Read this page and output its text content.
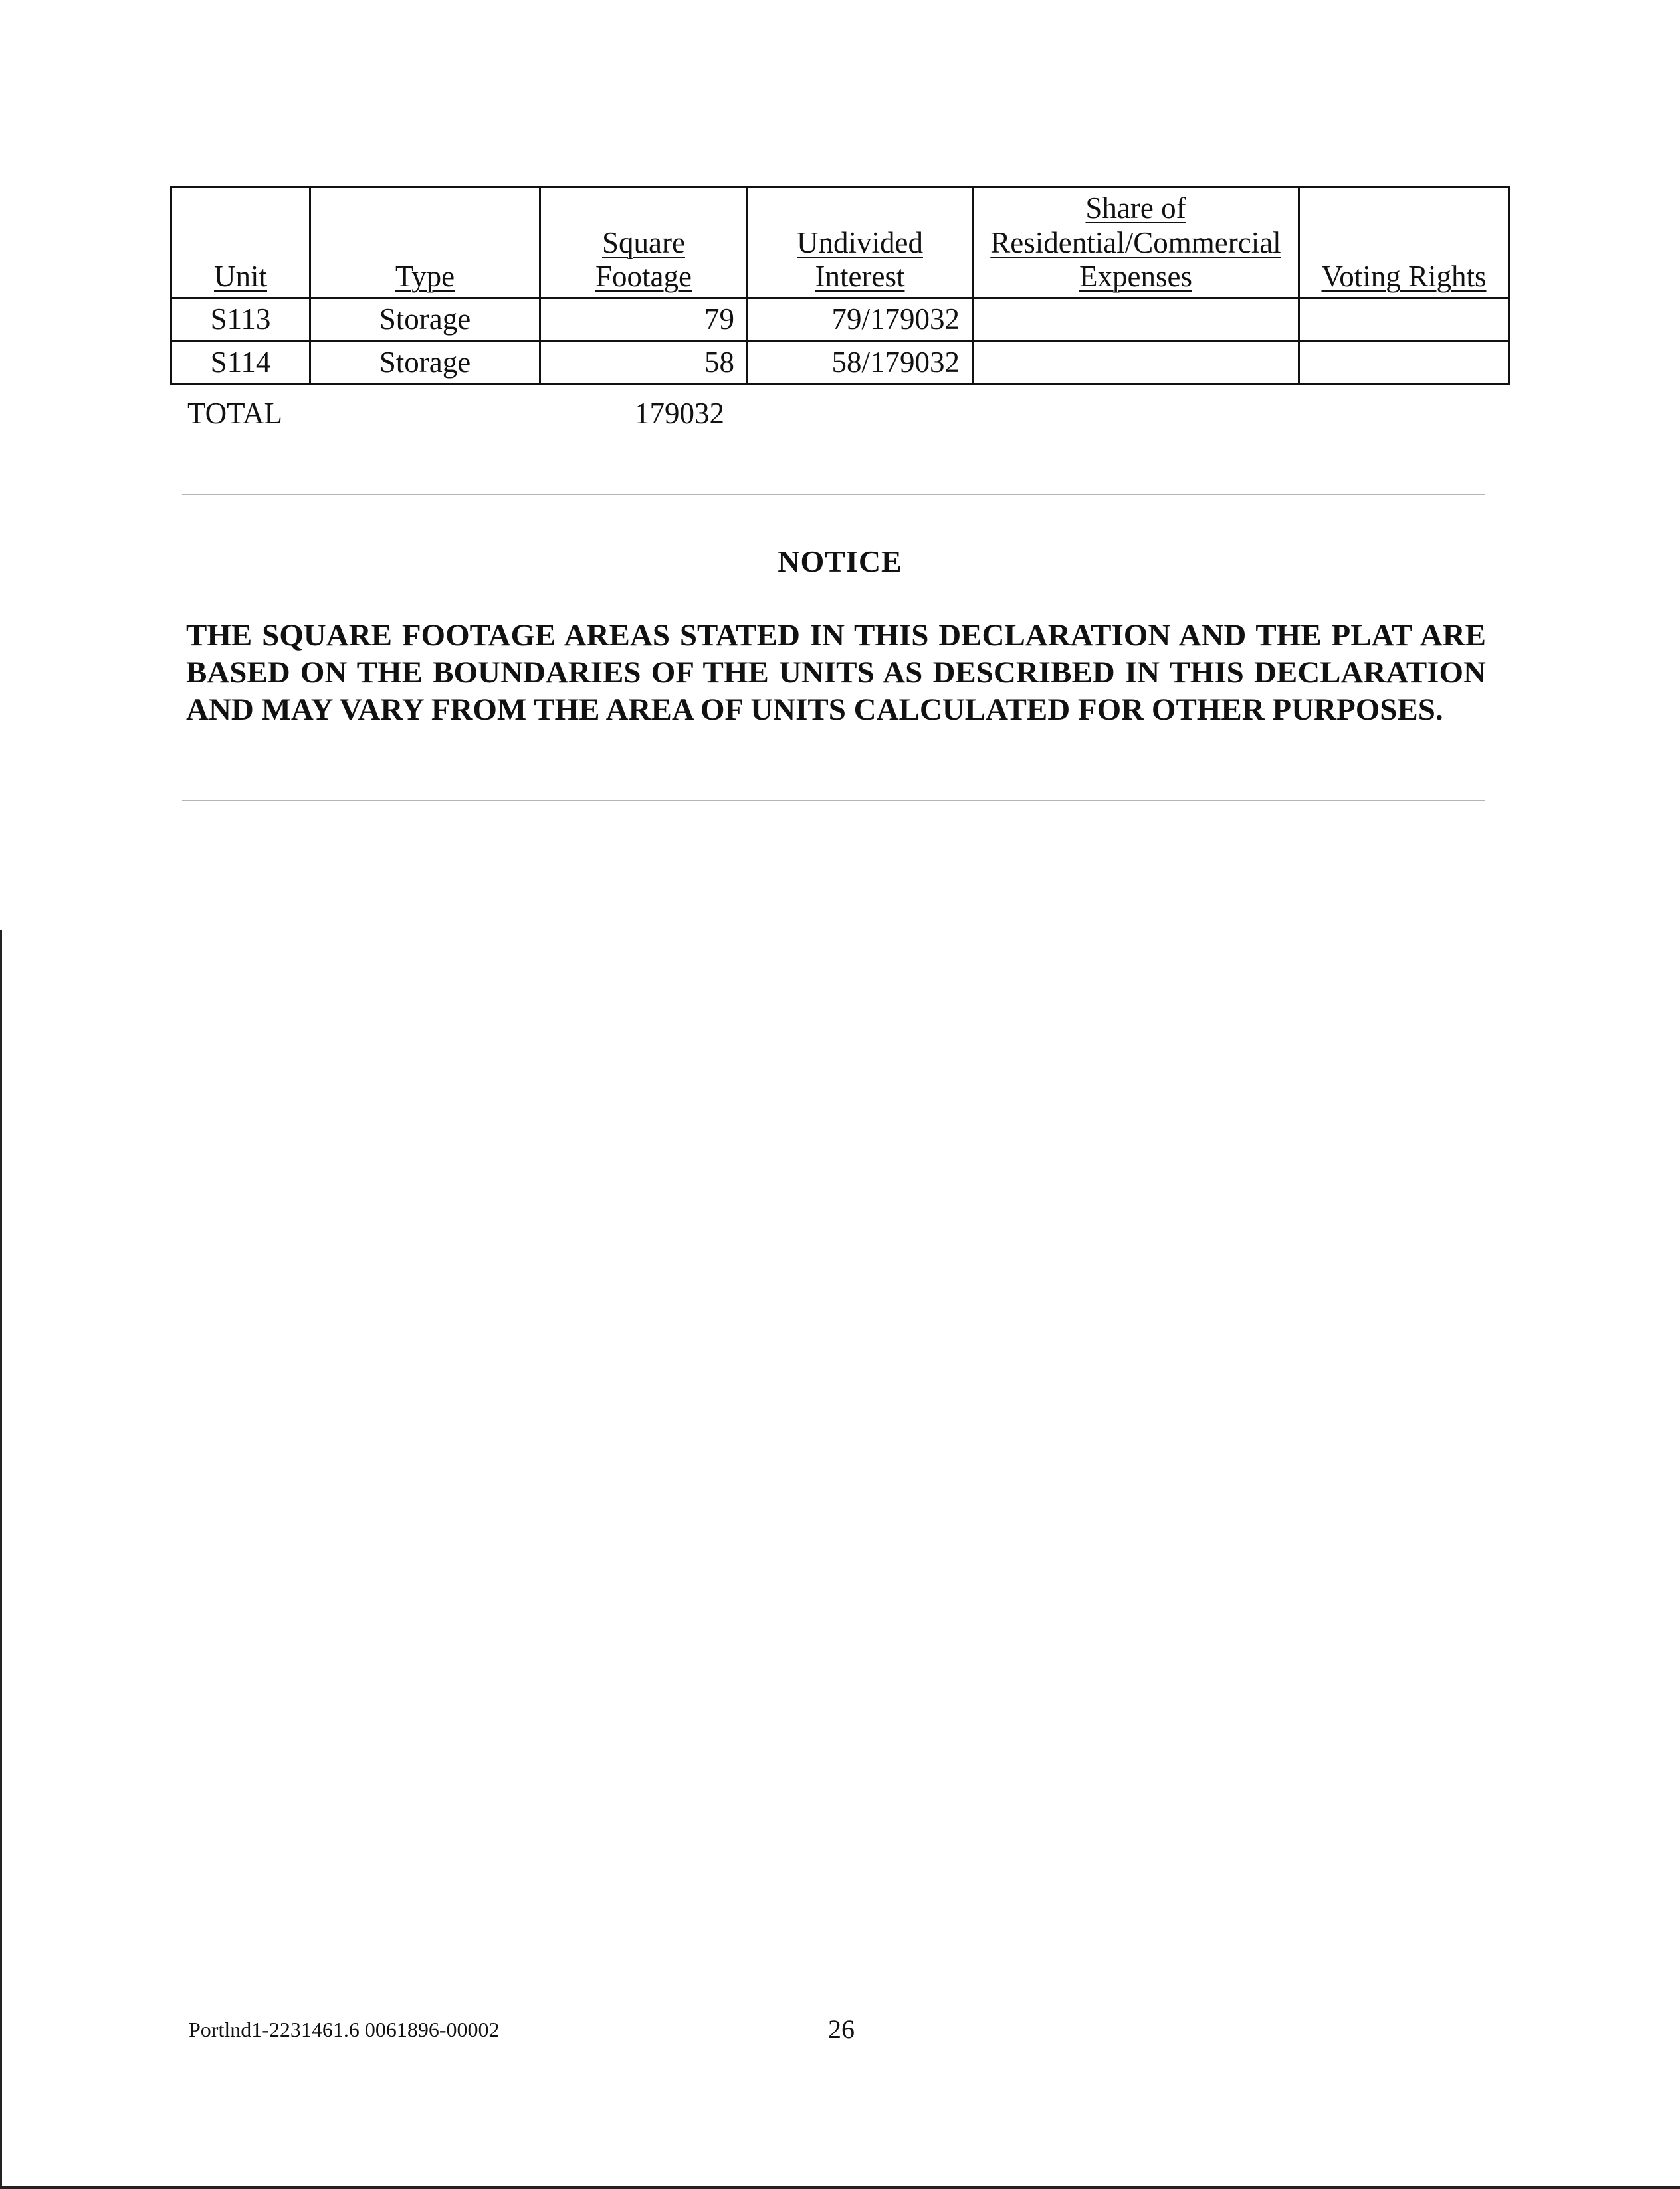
Unit	Type	Square Footage	Undivided Interest	Share of Residential/Commercial Expenses	Voting Rights
S113	Storage	79	79/179032		
S114	Storage	58	58/179032		
TOTAL	179032
NOTICE
THE SQUARE FOOTAGE AREAS STATED IN THIS DECLARATION AND THE PLAT ARE BASED ON THE BOUNDARIES OF THE UNITS AS DESCRIBED IN THIS DECLARATION AND MAY VARY FROM THE AREA OF UNITS CALCULATED FOR OTHER PURPOSES.
Portlnd1-2231461.6 0061896-00002	26
